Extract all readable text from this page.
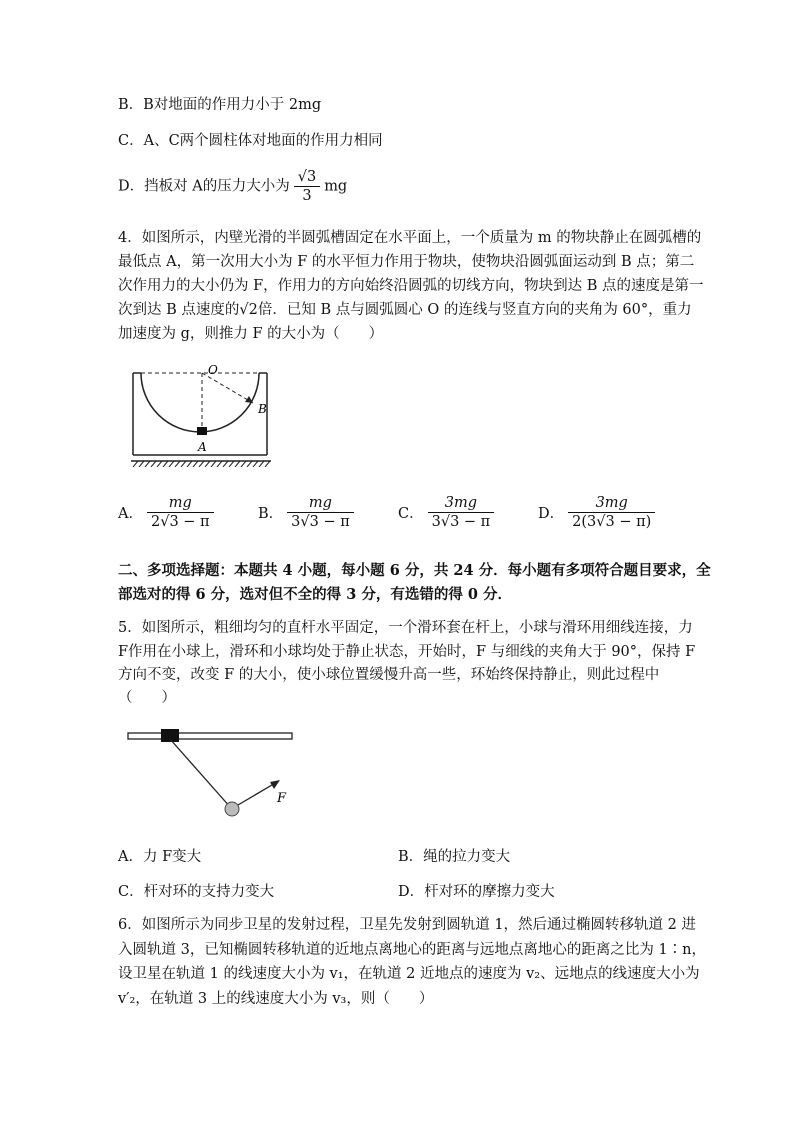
B．B对地面的作用力小于 2mg
C．A、C两个圆柱体对地面的作用力相同
D．挡板对 A的压力大小为 $\frac{√3}{3}$ mg
4．如图所示，内壁光滑的半圆弧槽固定在水平面上，一个质量为 m 的物块静止在圆弧槽的
最低点 A，第一次用大小为 F 的水平恒力作用于物块，使物块沿圆弧面运动到 B 点；第二
次作用力的大小仍为 F，作用力的方向始终沿圆弧的切线方向，物块到达 B 点的速度是第一
次到达 B 点速度的√2倍．已知 B 点与圆弧圆心 O 的连线与竖直方向的夹角为 60°，重力
加速度为 g，则推力 F 的大小为（　　）
O
A
B
A． $\frac{mg}{2√3 - \pi}$	B． $\frac{mg}{3√3 - \pi}$	C． $\frac{3mg}{3√3 - \pi}$	D． $\frac{3mg}{2(3√3 - \pi)}$
二、多项选择题：本题共 4 小题，每小题 6 分，共 24 分．每小题有多项符合题目要求，全
部选对的得 6 分，选对但不全的得 3 分，有选错的得 0 分．
5．如图所示，粗细均匀的直杆水平固定，一个滑环套在杆上，小球与滑环用细线连接，力
F作用在小球上，滑环和小球均处于静止状态，开始时，F 与细线的夹角大于 90°，保持 F
方向不变，改变 F 的大小，使小球位置缓慢升高一些，环始终保持静止，则此过程中
（　　）
F
A．力 F变大	B．绳的拉力变大
C．杆对环的支持力变大	D．杆对环的摩擦力变大
6．如图所示为同步卫星的发射过程，卫星先发射到圆轨道 1，然后通过椭圆转移轨道 2 进
入圆轨道 3，已知椭圆转移轨道的近地点离地心的距离与远地点离地心的距离之比为 1∶n，
设卫星在轨道 1 的线速度大小为 v₁，在轨道 2 近地点的速度为 v₂、远地点的线速度大小为
v′₂，在轨道 3 上的线速度大小为 v₃，则（　　）
